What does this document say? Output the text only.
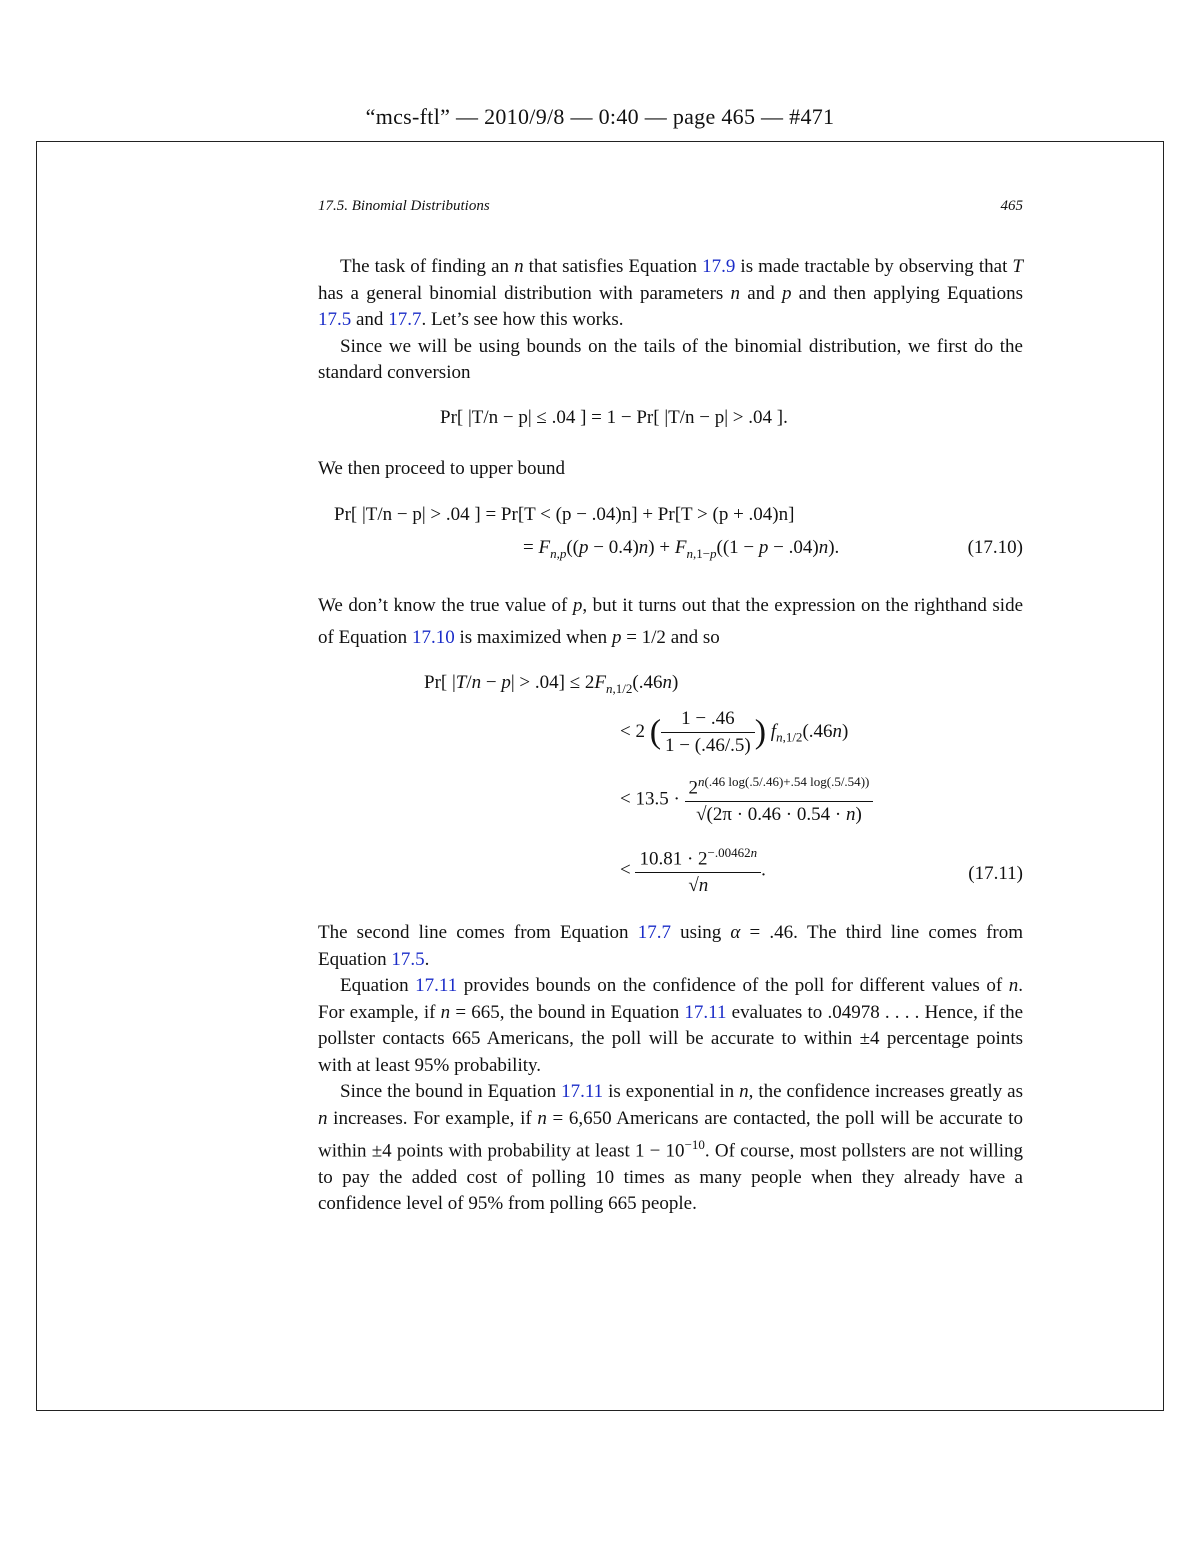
“mcs-ftl” — 2010/9/8 — 0:40 — page 465 — #471
17.5. Binomial Distributions	465

The task of finding an n that satisfies Equation 17.9 is made tractable by observing that T has a general binomial distribution with parameters n and p and then applying Equations 17.5 and 17.7. Let’s see how this works.

Since we will be using bounds on the tails of the binomial distribution, we first do the standard conversion

Pr[ |T/n − p| ≤ .04 ] = 1 − Pr[ |T/n − p| > .04 ].
We then proceed to upper bound
Pr[ |T/n − p| > .04 ] = Pr[T < (p − .04)n] + Pr[T > (p + .04)n]
= $F_{n,p}((p - 0.4)n) + F_{n,1-p}((1 - p - .04)n)$.	(17.10)

We don’t know the true value of p, but it turns out that the expression on the righthand side of Equation 17.10 is maximized when p = 1/2 and so

Pr[ $|T/n - p| > .04] \le 2F_{n,1/2}(.46n)$
< 2 ( $\frac{1 - .46}{1 - (.46/.5)}$ ) $f_{n,1/2}(.46n)$
< $13.5 \cdot \frac{2^{n(.46 log(.5/.46)+.54 log(.5/.54))}}{√(2\pi \cdot 0.46 \cdot 0.54 \cdot n)}$
< $\frac{10.81 \cdot 2^{-.00462n}}{√n}$ .	(17.11)

The second line comes from Equation 17.7 using α = .46. The third line comes from Equation 17.5.

Equation 17.11 provides bounds on the confidence of the poll for different values of n. For example, if n = 665, the bound in Equation 17.11 evaluates to .04978 . . . . Hence, if the pollster contacts 665 Americans, the poll will be accurate to within ±4 percentage points with at least 95% probability.

Since the bound in Equation 17.11 is exponential in n, the confidence increases greatly as n increases. For example, if n = 6,650 Americans are contacted, the poll will be accurate to within ±4 points with probability at least $1 - 10^{-10}$. Of course, most pollsters are not willing to pay the added cost of polling 10 times as many people when they already have a confidence level of 95% from polling 665 people.
